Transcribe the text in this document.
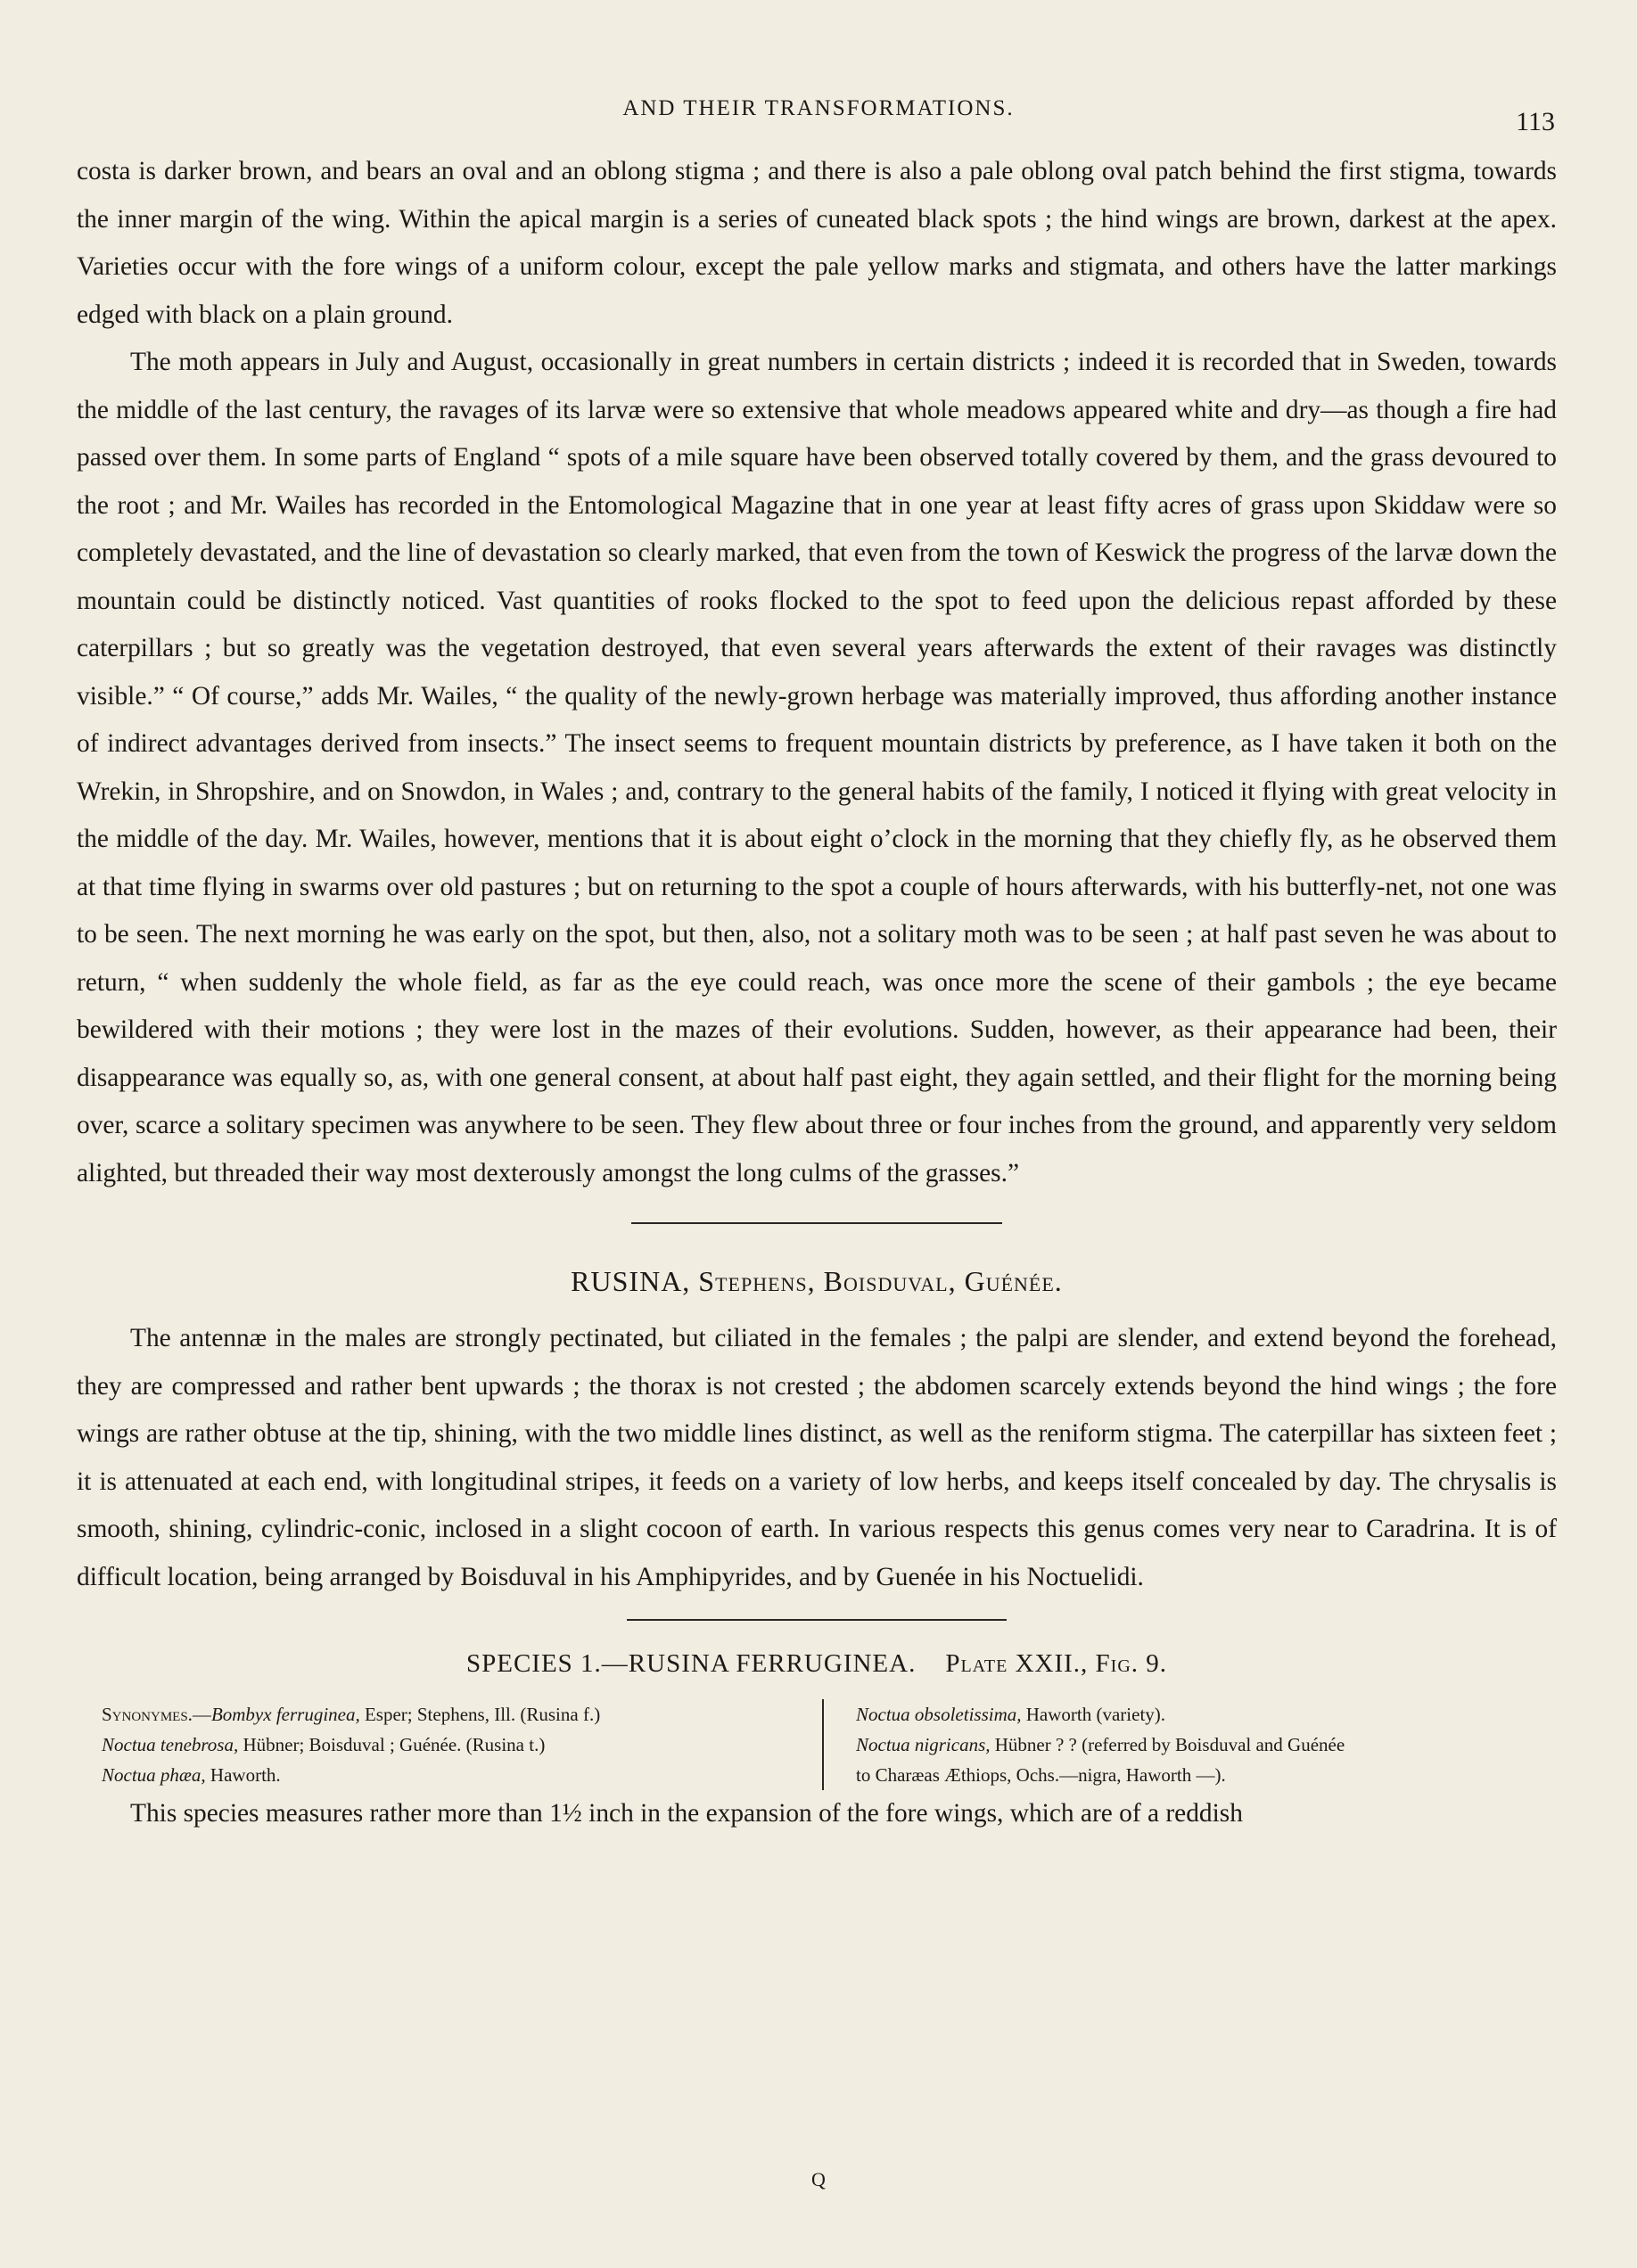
AND THEIR TRANSFORMATIONS.	113

costa is darker brown, and bears an oval and an oblong stigma ; and there is also a pale oblong oval patch behind the first stigma, towards the inner margin of the wing. Within the apical margin is a series of cuneated black spots ; the hind wings are brown, darkest at the apex. Varieties occur with the fore wings of a uniform colour, except the pale yellow marks and stigmata, and others have the latter markings edged with black on a plain ground.

The moth appears in July and August, occasionally in great numbers in certain districts ; indeed it is recorded that in Sweden, towards the middle of the last century, the ravages of its larvæ were so extensive that whole meadows appeared white and dry—as though a fire had passed over them. In some parts of England “ spots of a mile square have been observed totally covered by them, and the grass devoured to the root ; and Mr. Wailes has recorded in the Entomological Magazine that in one year at least fifty acres of grass upon Skiddaw were so completely devastated, and the line of devastation so clearly marked, that even from the town of Keswick the progress of the larvæ down the mountain could be distinctly noticed. Vast quantities of rooks flocked to the spot to feed upon the delicious repast afforded by these caterpillars ; but so greatly was the vegetation destroyed, that even several years afterwards the extent of their ravages was distinctly visible.” “ Of course,” adds Mr. Wailes, “ the quality of the newly-grown herbage was materially improved, thus affording another instance of indirect advantages derived from insects.” The insect seems to frequent mountain districts by preference, as I have taken it both on the Wrekin, in Shropshire, and on Snowdon, in Wales ; and, contrary to the general habits of the family, I noticed it flying with great velocity in the middle of the day. Mr. Wailes, however, mentions that it is about eight o’clock in the morning that they chiefly fly, as he observed them at that time flying in swarms over old pastures ; but on returning to the spot a couple of hours afterwards, with his butterfly-net, not one was to be seen. The next morning he was early on the spot, but then, also, not a solitary moth was to be seen ; at half past seven he was about to return, “ when suddenly the whole field, as far as the eye could reach, was once more the scene of their gambols ; the eye became bewildered with their motions ; they were lost in the mazes of their evolutions. Sudden, however, as their appearance had been, their disappearance was equally so, as, with one general consent, at about half past eight, they again settled, and their flight for the morning being over, scarce a solitary specimen was anywhere to be seen. They flew about three or four inches from the ground, and apparently very seldom alighted, but threaded their way most dexterously amongst the long culms of the grasses.”

RUSINA, Stephens, Boisduval, Guénée.

The antennæ in the males are strongly pectinated, but ciliated in the females ; the palpi are slender, and extend beyond the forehead, they are compressed and rather bent upwards ; the thorax is not crested ; the abdomen scarcely extends beyond the hind wings ; the fore wings are rather obtuse at the tip, shining, with the two middle lines distinct, as well as the reniform stigma. The caterpillar has sixteen feet ; it is attenuated at each end, with longitudinal stripes, it feeds on a variety of low herbs, and keeps itself concealed by day. The chrysalis is smooth, shining, cylindric-conic, inclosed in a slight cocoon of earth. In various respects this genus comes very near to Caradrina. It is of difficult location, being arranged by Boisduval in his Amphipyrides, and by Guenée in his Noctuelidi.

SPECIES 1.—RUSINA FERRUGINEA. Plate XXII., Fig. 9.
Synonymes.—Bombyx ferruginea, Esper; Stephens, Ill. (Rusina f.)
Noctua tenebrosa, Hübner; Boisduval ; Guénée. (Rusina t.)
Noctua phæa, Haworth.
Noctua obsoletissima, Haworth (variety).
Noctua nigricans, Hübner ? ? (referred by Boisduval and Guénée
to Charæas Æthiops, Ochs.—nigra, Haworth —).

This species measures rather more than 1½ inch in the expansion of the fore wings, which are of a reddish

Q
